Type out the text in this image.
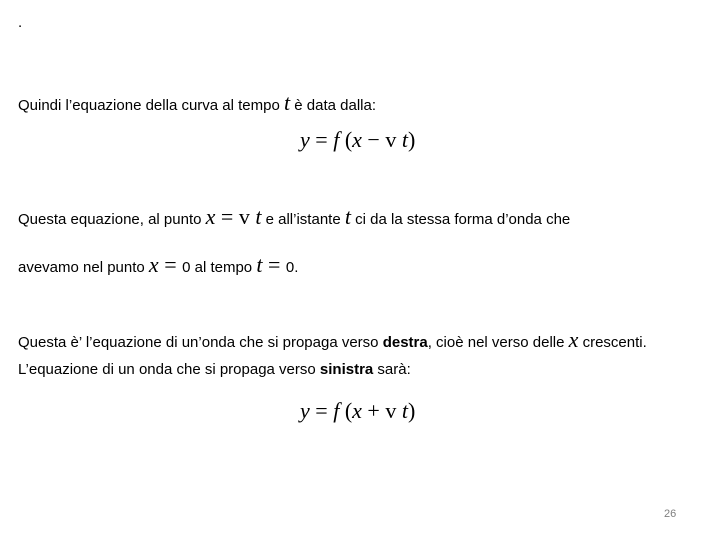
.
Quindi l’equazione della curva al tempo t è data dalla:
y = f (x − v t)
Questa equazione, al punto x = v t e all’istante t ci da la stessa forma d’onda che
avevamo nel punto x = 0 al tempo t = 0.
Questa è’ l’equazione di un’onda che si propaga verso destra, cioè nel verso delle x crescenti.
L’equazione di un onda che si propaga verso sinistra sarà:
y = f (x + v t)
26
